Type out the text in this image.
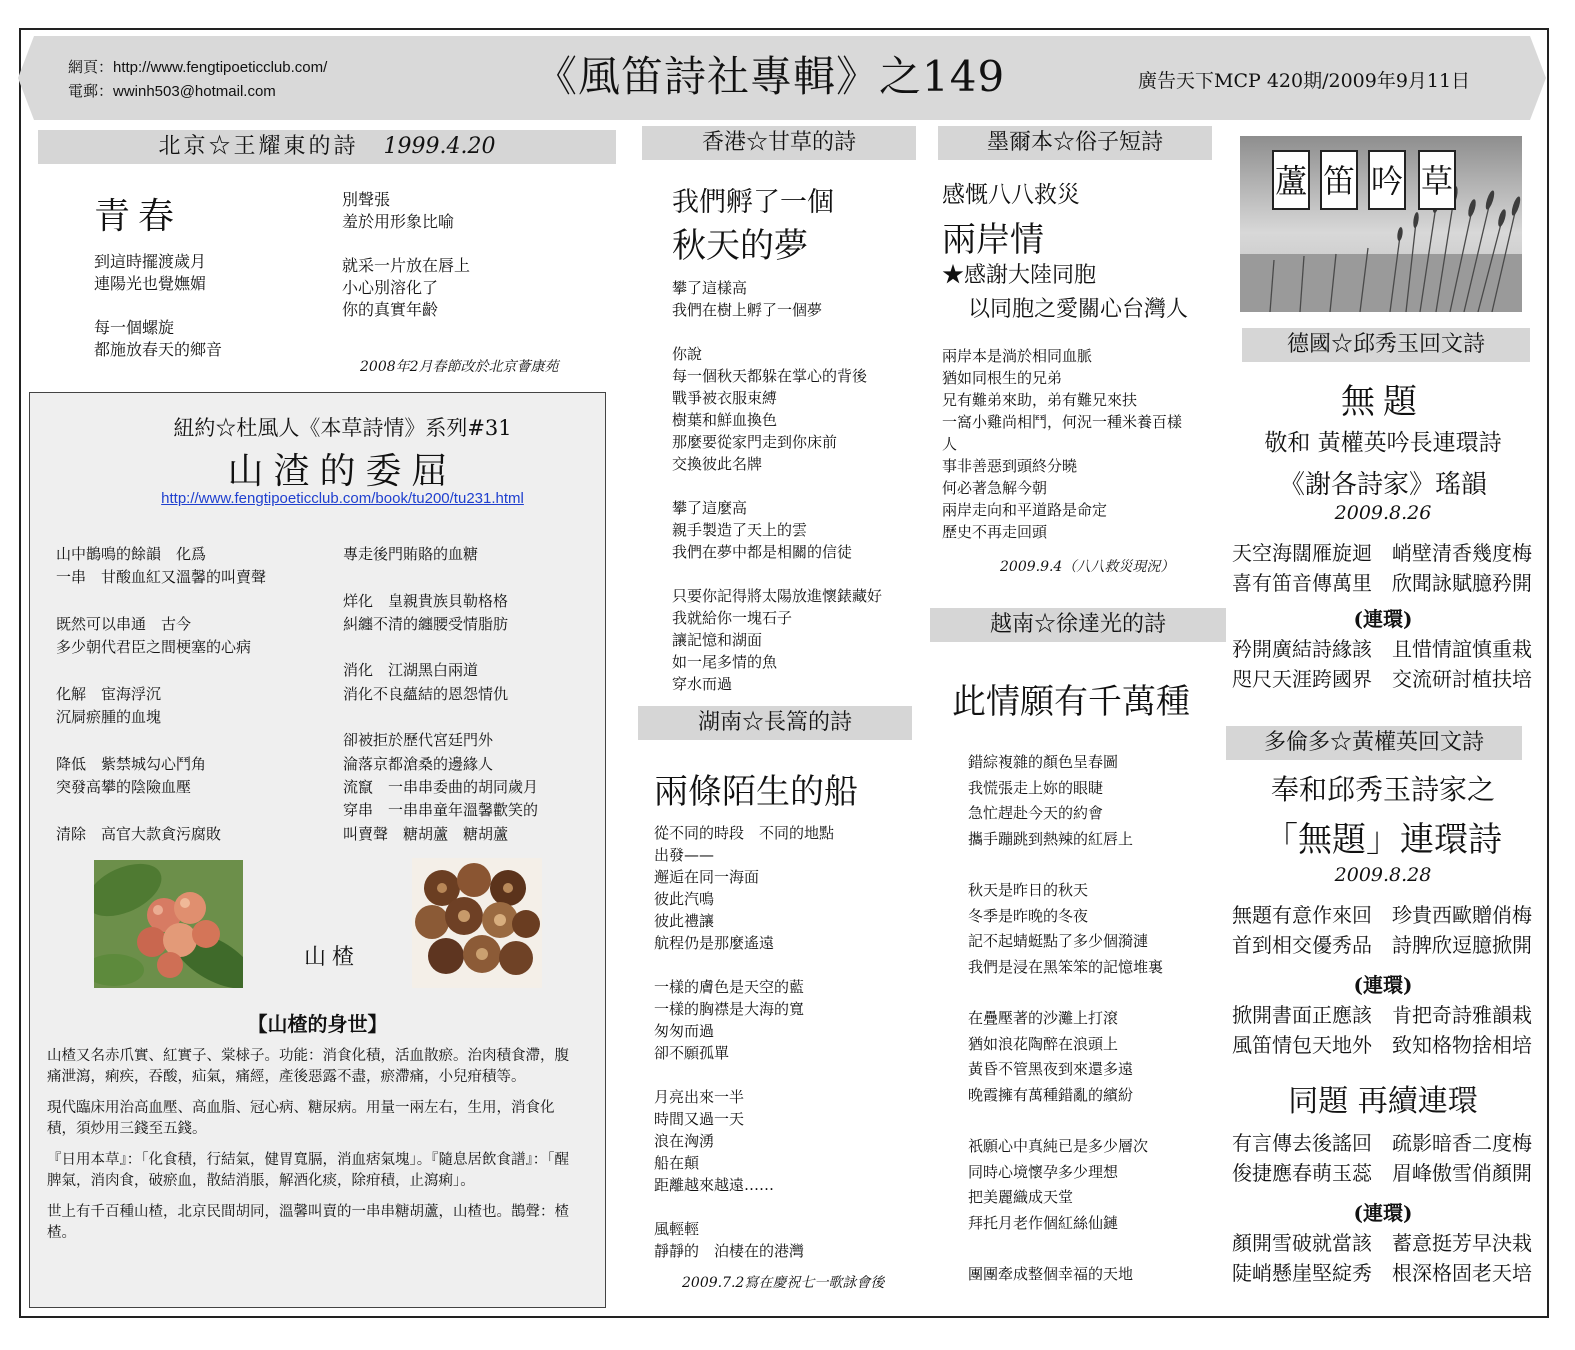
網頁：http://www.fengtipoeticclub.com/
電郵：wwinh503@hotmail.com	《風笛詩社專輯》之149	廣告天下MCP 420期/2009年9月11日
北京☆王耀東的詩 1999.4.20
青春
到這時擺渡歲月
連陽光也覺嫵媚
每一個螺旋
都施放春天的鄉音
別聲張
羞於用形象比喻
就采一片放在唇上
小心別溶化了
你的真實年齡
2008年2月春節改於北京薈康苑
紐約☆杜風人《本草詩情》系列#31
山渣的委屈
http://www.fengtipoeticclub.com/book/tu200/tu231.html
山中鵲鳴的餘韻　化爲
一串　甘酸血紅又溫馨的叫賣聲
既然可以串通　古今
多少朝代君臣之間梗塞的心病
化解　宦海浮沉
沉屙瘀腫的血塊
降低　紫禁城勾心鬥角
突發高攀的陰險血壓
清除　高官大款貪污腐敗
專走後門賄賂的血糖
烊化　皇親貴族貝勒格格
糾纏不清的纏腰受情脂肪
消化　江湖黑白兩道
消化不良蘊結的恩怨情仇
卻被拒於歷代宮廷門外
淪落京都滄桑的邊緣人
流竄　一串串委曲的胡同歲月
穿串　一串串童年溫馨歡笑的
叫賣聲　糖胡蘆　糖胡蘆
山楂
【山楂的身世】

山楂又名赤爪實、紅實子、棠梂子。功能：消食化積，活血散瘀。治肉積食滯，腹痛泄瀉，痢疾，吞酸，疝氣，痛經，產後惡露不盡，瘀滯痛，小兒疳積等。

現代臨床用治高血壓、高血脂、冠心病、糖尿病。用量一兩左右，生用，消食化積，須炒用三錢至五錢。

『日用本草』：「化食積，行結氣，健胃寬膈，消血痞氣塊」。『隨息居飲食譜』：「醒脾氣，消肉食，破瘀血，散結消脹，解酒化痰，除疳積，止瀉痢」。

世上有千百種山楂，北京民間胡同，溫馨叫賣的一串串糖胡蘆，山楂也。鵲聲：楂楂。

香港☆甘草的詩
我們孵了一個
秋天的夢
攀了這樣高
我們在樹上孵了一個夢
你說
每一個秋天都躲在掌心的背後
戰爭被衣服束縛
樹葉和鮮血換色
那麼要從家門走到你床前
交換彼此名牌
攀了這麼高
親手製造了天上的雲
我們在夢中都是相關的信徒
只要你記得將太陽放進懷錶藏好
我就給你一塊石子
讓記憶和湖面
如一尾多情的魚
穿水而過
湖南☆長篙的詩
兩條陌生的船
從不同的時段　不同的地點
出發——
邂逅在同一海面
彼此汽鳴
彼此禮讓
航程仍是那麼遙遠
一樣的膚色是天空的藍
一樣的胸襟是大海的寬
匆匆而過
卻不願孤單
月亮出來一半
時間又過一天
浪在洶湧
船在顛
距離越來越遠……
風輕輕
靜靜的　泊棲在的港灣
2009.7.2寫在慶祝七一歌詠會後
墨爾本☆俗子短詩
感慨八八救災
兩岸情
★感謝大陸同胞
以同胞之愛關心台灣人
兩岸本是淌於相同血脈
猶如同根生的兄弟
兄有難弟來助，弟有難兄來扶
一窩小雞尚相鬥，何況一種米養百樣
人
事非善惡到頭終分曉
何必著急解今朝
兩岸走向和平道路是命定
歷史不再走回頭
2009.9.4（八八救災現況）
越南☆徐達光的詩
此情願有千萬種
錯綜複雜的顏色呈春圖
我慌張走上妳的眼睫
急忙趕赴今天的約會
攜手蹦跳到熱辣的紅唇上
秋天是昨日的秋天
冬季是昨晚的冬夜
記不起蜻蜓點了多少個漪漣
我們是浸在黑笨笨的記憶堆裏
在疊壓著的沙灘上打滾
猶如浪花陶醉在浪頭上
黃昏不管黑夜到來還多遠
晚霞擁有萬種錯亂的繽紛
祇願心中真純已是多少層次
同時心境懷孕多少理想
把美麗織成天堂
拜托月老作個紅絲仙鏈
團團牽成整個幸福的天地
蘆 笛 吟 草
德國☆邱秀玉回文詩
無題
敬和 黃權英吟長連環詩
《謝各詩家》瑤韻
2009.8.26
天空海闊雁旋迴　峭壁清香幾度梅
喜有笛音傳萬里　欣聞詠賦臆矜開
(連環)
矜開廣結詩緣該　且惜情誼慎重栽
咫尺天涯跨國界　交流研討植扶培
多倫多☆黃權英回文詩
奉和邱秀玉詩家之
「無題」連環詩
2009.8.28
無題有意作來回　珍貴西歐贈俏梅
首到相交優秀品　詩脾欣逗臆掀開
(連環)
掀開書面正應該　肯把奇詩雅韻栽
風笛情包天地外　致知格物捨相培
同題 再續連環
有言傳去後謠回　疏影暗香二度梅
俊捷應春萌玉蕊　眉峰傲雪俏顏開
(連環)
顏開雪破就當該　蓄意挺芳早決栽
陡峭懸崖堅綻秀　根深格固老天培
